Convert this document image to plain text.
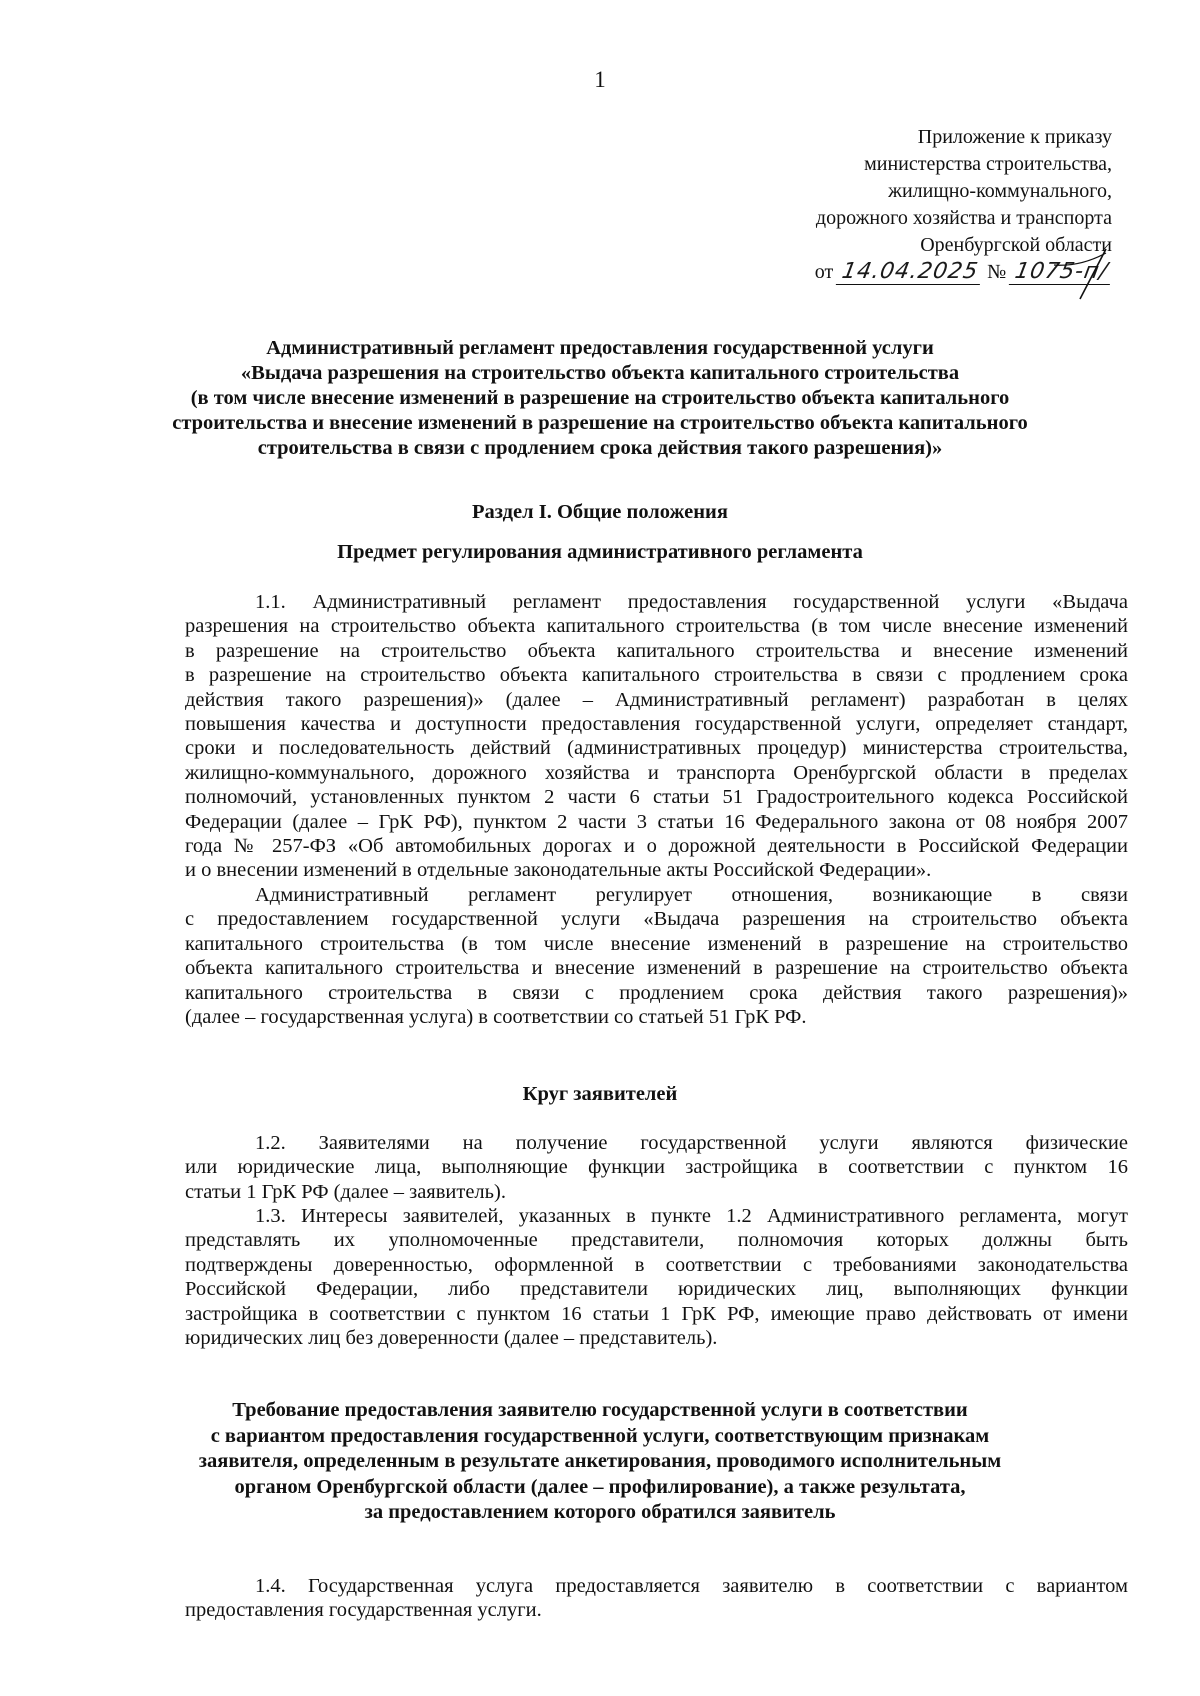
1
Приложение к приказу
министерства строительства,
жилищно-коммунального,
дорожного хозяйства и транспорта
Оренбургской области
от 14.04.2025 № 1075-п/
Административный регламент предоставления государственной услуги
«Выдача разрешения на строительство объекта капитального строительства
(в том числе внесение изменений в разрешение на строительство объекта капитального
строительства и внесение изменений в разрешение на строительство объекта капитального
строительства в связи с продлением срока действия такого разрешения)»
Раздел I. Общие положения
Предмет регулирования административного регламента
1.1. Административный регламент предоставления государственной услуги «Выдача
разрешения на строительство объекта капитального строительства (в том числе внесение изменений
в разрешение на строительство объекта капитального строительства и внесение изменений
в разрешение на строительство объекта капитального строительства в связи с продлением срока
действия такого разрешения)» (далее – Административный регламент) разработан в целях
повышения качества и доступности предоставления государственной услуги, определяет стандарт,
сроки и последовательность действий (административных процедур) министерства строительства,
жилищно-коммунального, дорожного хозяйства и транспорта Оренбургской области в пределах
полномочий, установленных пунктом 2 части 6 статьи 51 Градостроительного кодекса Российской
Федерации (далее – ГрК РФ), пунктом 2 части 3 статьи 16 Федерального закона от 08 ноября 2007
года № 257-ФЗ «Об автомобильных дорогах и о дорожной деятельности в Российской Федерации
и о внесении изменений в отдельные законодательные акты Российской Федерации».
Административный регламент регулирует отношения, возникающие в связи
с предоставлением государственной услуги «Выдача разрешения на строительство объекта
капитального строительства (в том числе внесение изменений в разрешение на строительство
объекта капитального строительства и внесение изменений в разрешение на строительство объекта
капитального строительства в связи с продлением срока действия такого разрешения)»
(далее – государственная услуга) в соответствии со статьей 51 ГрК РФ.
Круг заявителей
1.2. Заявителями на получение государственной услуги являются физические
или юридические лица, выполняющие функции застройщика в соответствии с пунктом 16
статьи 1 ГрК РФ (далее – заявитель).
1.3. Интересы заявителей, указанных в пункте 1.2 Административного регламента, могут
представлять их уполномоченные представители, полномочия которых должны быть
подтверждены доверенностью, оформленной в соответствии с требованиями законодательства
Российской Федерации, либо представители юридических лиц, выполняющих функции
застройщика в соответствии с пунктом 16 статьи 1 ГрК РФ, имеющие право действовать от имени
юридических лиц без доверенности (далее – представитель).
Требование предоставления заявителю государственной услуги в соответствии
с вариантом предоставления государственной услуги, соответствующим признакам
заявителя, определенным в результате анкетирования, проводимого исполнительным
органом Оренбургской области (далее – профилирование), а также результата,
за предоставлением которого обратился заявитель
1.4. Государственная услуга предоставляется заявителю в соответствии с вариантом
предоставления государственная услуги.
